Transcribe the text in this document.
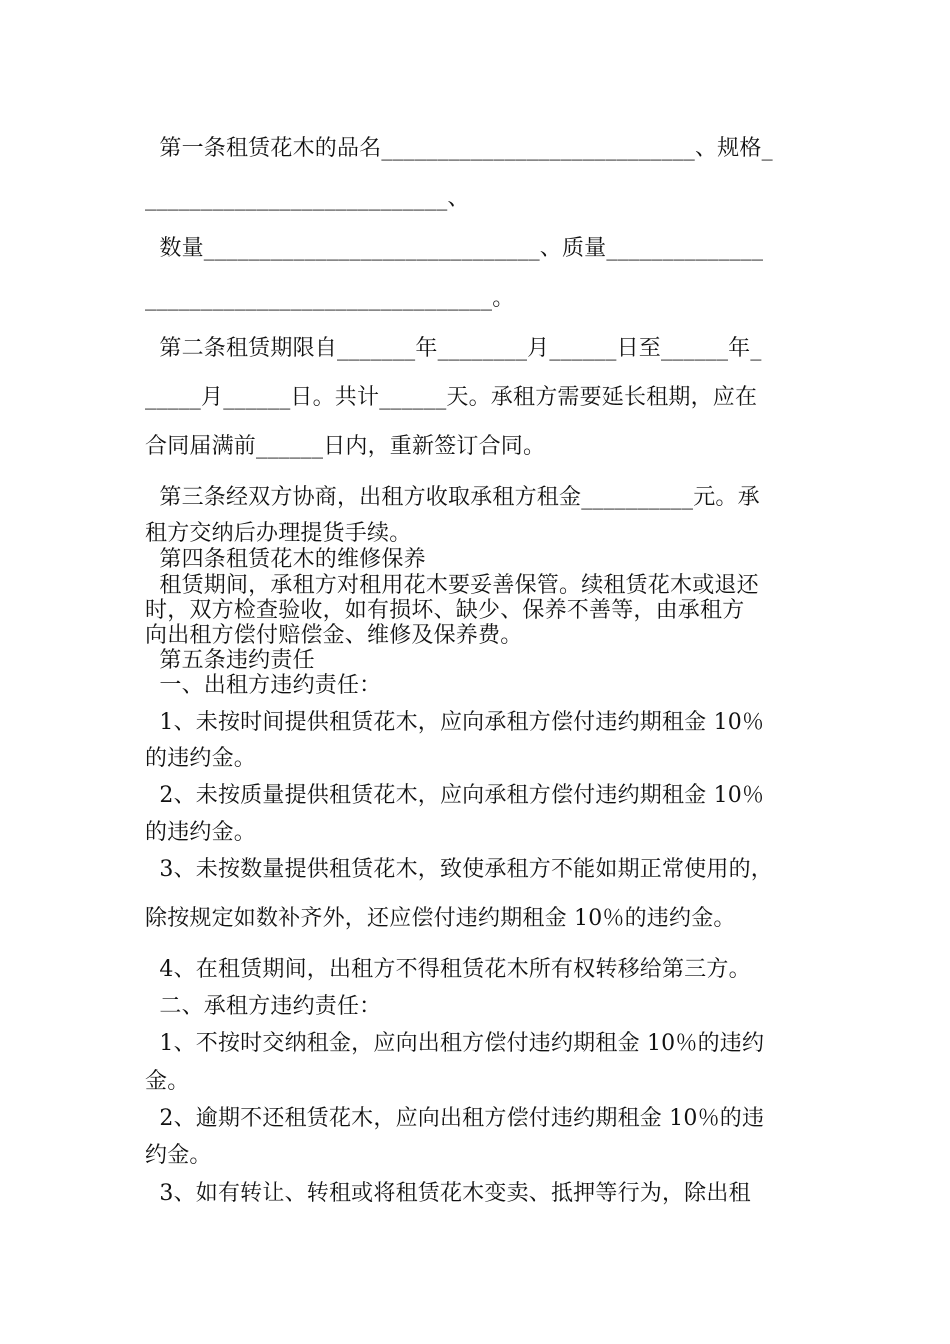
第一条租赁花木的品名____________________________、规格_
___________________________、
数量______________________________、质量______________
_______________________________。
第二条租赁期限自_______年________月______日至______年_
_____月______日。共计______天。承租方需要延长租期，应在
合同届满前______日内，重新签订合同。
第三条经双方协商，出租方收取承租方租金__________元。承
租方交纳后办理提货手续。
第四条租赁花木的维修保养
租赁期间，承租方对租用花木要妥善保管。续租赁花木或退还
时，双方检查验收，如有损坏、缺少、保养不善等，由承租方
向出租方偿付赔偿金、维修及保养费。
第五条违约责任
一、出租方违约责任：
1、未按时间提供租赁花木，应向承租方偿付违约期租金 10％
的违约金。
2、未按质量提供租赁花木，应向承租方偿付违约期租金 10％
的违约金。
3、未按数量提供租赁花木，致使承租方不能如期正常使用的，
除按规定如数补齐外，还应偿付违约期租金 10％的违约金。
4、在租赁期间，出租方不得租赁花木所有权转移给第三方。
二、承租方违约责任：
1、不按时交纳租金，应向出租方偿付违约期租金 10％的违约
金。
2、逾期不还租赁花木，应向出租方偿付违约期租金 10％的违
约金。
3、如有转让、转租或将租赁花木变卖、抵押等行为，除出租
